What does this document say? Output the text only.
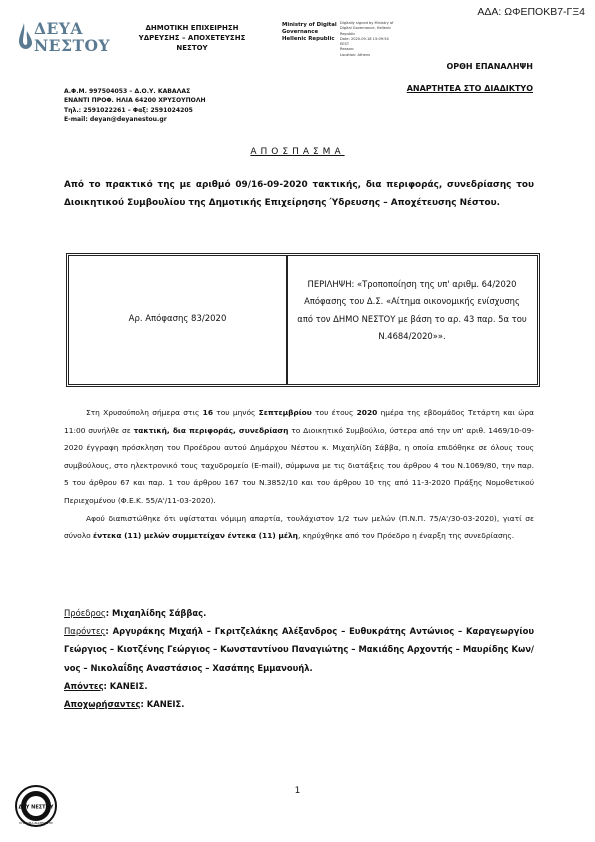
ΑΔΑ: ΩΦΕΠΟΚΒ7-ΓΞ4
ΔΕΥΑ
ΝΕΣΤΟΥ
ΔΗΜΟΤΙΚΗ ΕΠΙΧΕΙΡΗΣΗ
ΥΔΡΕΥΣΗΣ – ΑΠΟΧΕΤΕΥΣΗΣ
ΝΕΣΤΟΥ
Ministry of Digital
Governance
Hellenic Republic
Digitally signed by Ministry of
Digital Governance, Hellenic
Republic
Date: 2020.09.18 15:09:54
EEST
Reason:
Location: Athens
ΟΡΘΗ ΕΠΑΝΑΛΗΨΗ
ΑΝΑΡΤΗΤΕΑ ΣΤΟ ΔΙΑΔΙΚΤΥΟ
Α.Φ.Μ. 997504053 – Δ.Ο.Υ. ΚΑΒΑΛΑΣ
ΕΝΑΝΤΙ ΠΡΟΦ. ΗΛΙΑ 64200 ΧΡΥΣΟΥΠΟΛΗ
Τηλ.: 2591022261 – Φαξ: 2591024205
E-mail: deyan@deyanestou.gr
ΑΠΟΣΠΑΣΜΑ
Από το πρακτικό της με αριθμό 09/16-09-2020 τακτικής, δια περιφοράς, συνεδρίασης του Διοικητικού Συμβουλίου της Δημοτικής Επιχείρησης Ύδρευσης – Αποχέτευσης Νέστου.
Αρ. Απόφασης 83/2020
ΠΕΡΙΛΗΨΗ: «Τροποποίηση της υπ' αριθμ. 64/2020 Απόφασης του Δ.Σ. «Αίτημα οικονομικής ενίσχυσης από τον ΔΗΜΟ ΝΕΣΤΟΥ με βάση το αρ. 43 παρ. 5α του Ν.4684/2020»».

Στη Χρυσούπολη σήμερα στις 16 του μηνός Σεπτεμβρίου του έτους 2020 ημέρα της εβδομάδος Τετάρτη και ώρα 11:00 συνήλθε σε τακτική, δια περιφοράς, συνεδρίαση το Διοικητικό Συμβούλιο, ύστερα από την υπ' αριθ. 1469/10-09-2020 έγγραφη πρόσκληση του Προέδρου αυτού Δημάρχου Νέστου κ. Μιχαηλίδη Σάββα, η οποία επιδόθηκε σε όλους τους συμβούλους, στο ηλεκτρονικό τους ταχυδρομείο (E-mail), σύμφωνα με τις διατάξεις του άρθρου 4 του Ν.1069/80, την παρ. 5 του άρθρου 67 και παρ. 1 του άρθρου 167 του Ν.3852/10 και του άρθρου 10 της από 11-3-2020 Πράξης Νομοθετικού Περιεχομένου (Φ.Ε.Κ. 55/Α'/11-03-2020).

Αφού διαπιστώθηκε ότι υφίσταται νόμιμη απαρτία, τουλάχιστον 1/2 των μελών (Π.Ν.Π. 75/Α'/30-03-2020), γιατί σε σύνολο έντεκα (11) μελών συμμετείχαν έντεκα (11) μέλη, κηρύχθηκε από τον Πρόεδρο η έναρξη της συνεδρίασης.

Πρόεδρος: Μιχαηλίδης Σάββας.

Παρόντες: Αργυράκης Μιχαήλ – Γκριτζελάκης Αλέξανδρος – Ευθυκράτης Αντώνιος – Καραγεωργίου Γεώργιος – Κιοτζένης Γεώργιος – Κωνσταντίνου Παναγιώτης – Μακιάδης Αρχοντής – Μαυρίδης Κων/νος – Νικολαΐδης Αναστάσιος – Χασάπης Εμμανουήλ.

Απόντες: ΚΑΝΕΙΣ.

Αποχωρήσαντες: ΚΑΝΕΙΣ.

1
ΔΕΥ ΝΕΣΤΟΥ
ΣΥΣΤΗΜΑ ΔΙΑΧΕΙΡΙΣΗΣ
